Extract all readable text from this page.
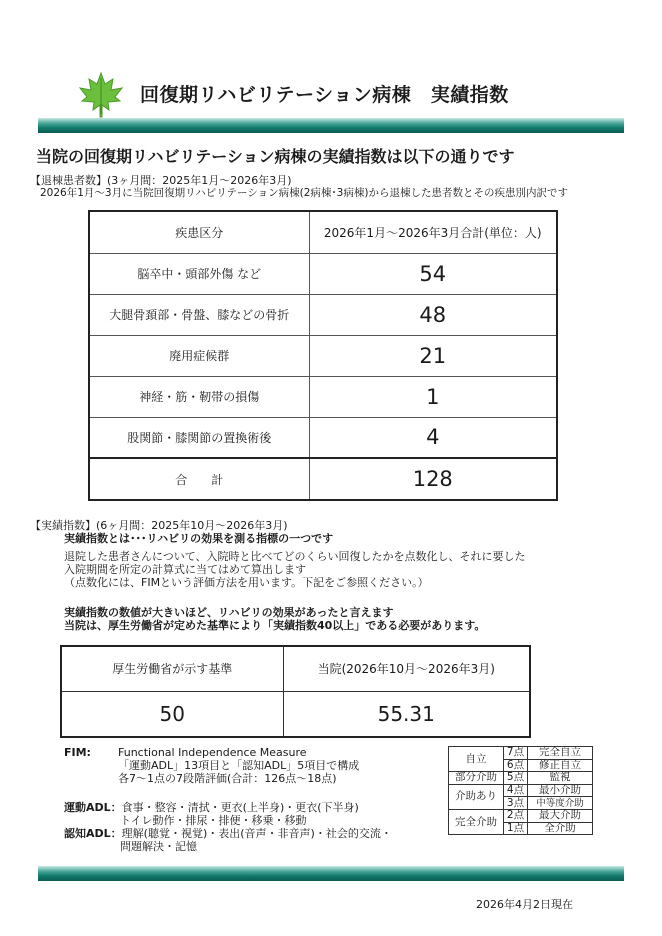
回復期リハビリテーション病棟　実績指数
当院の回復期リハビリテーション病棟の実績指数は以下の通りです
【退棟患者数】(3ヶ月間：2025年1月～2026年3月)
2026年1月～3月に当院回復期リハビリテーション病棟(2病棟･3病棟)から退棟した患者数とその疾患別内訳です
疾患区分	2026年1月～2026年3月合計(単位：人)
脳卒中・頭部外傷 など	54
大腿骨頚部・骨盤、膝などの骨折	48
廃用症候群	21
神経・筋・靭帯の損傷	1
股関節・膝関節の置換術後	4
合　　計	128
【実績指数】(6ヶ月間：2025年10月～2026年3月)
実績指数とは･･･リハビリの効果を測る指標の一つです
退院した患者さんについて、入院時と比べてどのくらい回復したかを点数化し、それに要した
入院期間を所定の計算式に当てはめて算出します
（点数化には、FIMという評価方法を用います。下記をご参照ください。）
実績指数の数値が大きいほど、リハビリの効果があったと言えます
当院は、厚生労働省が定めた基準により「実績指数40以上」である必要があります。
厚生労働省が示す基準	当院(2026年10月～2026年3月)
50	55.31
FIM: Functional Independence Measure
「運動ADL」13項目と「認知ADL」5項目で構成
各7～1点の7段階評価(合計：126点～18点)
運動ADL：食事・整容・清拭・更衣(上半身)・更衣(下半身)
トイレ動作・排尿・排便・移乗・移動
認知ADL：理解(聴覚・視覚)・表出(音声・非音声)・社会的交流・
問題解決・記憶
自立	7点	完全自立
	6点	修正自立
部分介助	5点	監視
介助あり	4点	最小介助
	3点	中等度介助
完全介助	2点	最大介助
	1点	全介助
2026年4月2日現在
